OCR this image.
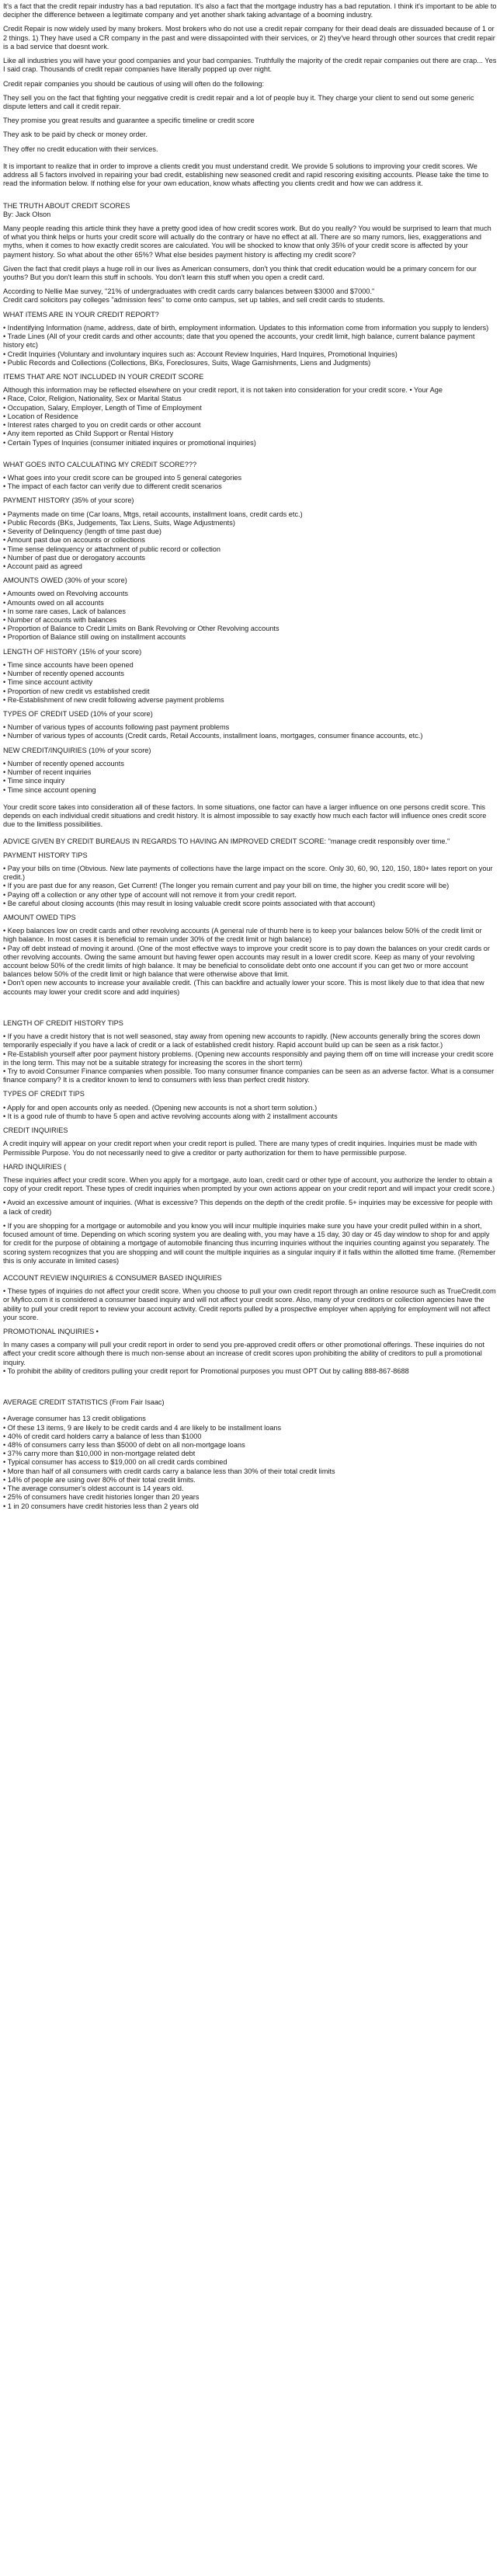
It's a fact that the credit repair industry has a bad reputation. It's also a fact that the mortgage industry has a bad reputation. I think it's important to be able to decipher the difference between a legitimate company and yet another shark taking advantage of a booming industry.

Credit Repair is now widely used by many brokers. Most brokers who do not use a credit repair company for their dead deals are dissuaded because of 1 or 2 things. 1) They have used a CR company in the past and were dissapointed with their services, or 2) they've heard through other sources that credit repair is a bad service that doesnt work.

Like all industries you will have your good companies and your bad companies. Truthfully the majority of the credit repair companies out there are crap... Yes I said crap. Thousands of credit repair companies have literally popped up over night.

Credit repair companies you should be cautious of using will often do the following:

They sell you on the fact that fighting your neggative credit is credit repair and a lot of people buy it. They charge your client to send out some generic dispute letters and call it credit repair.

They promise you great results and guarantee a specific timeline or credit score

They ask to be paid by check or money order.

They offer no credit education with their services.

It is important to realize that in order to improve a clients credit you must understand credit. We provide 5 solutions to improving your credit scores. We address all 5 factors involved in repairing your bad credit, establishing new seasoned credit and rapid rescoring exisiting accounts. Please take the time to read the information below. If nothing else for your own education, know whats affecting you clients credit and how we can address it.

THE TRUTH ABOUT CREDIT SCORES
By: Jack Olson

Many people reading this article think they have a pretty good idea of how credit scores work. But do you really? You would be surprised to learn that much of what you think helps or hurts your credit score will actually do the contrary or have no effect at all. There are so many rumors, lies, exaggerations and myths, when it comes to how exactly credit scores are calculated. You will be shocked to know that only 35% of your credit score is affected by your payment history. So what about the other 65%? What else besides payment history is affecting my credit score?

Given the fact that credit plays a huge roll in our lives as American consumers, don't you think that credit education would be a primary concern for our youths? But you don't learn this stuff in schools. You don't learn this stuff when you open a credit card.

According to Nellie Mae survey, "21% of undergraduates with credit cards carry balances between $3000 and $7000."
Credit card solicitors pay colleges "admission fees" to come onto campus, set up tables, and sell credit cards to students.

WHAT ITEMS ARE IN YOUR CREDIT REPORT?

• Indentifying Information (name, address, date of birth, employment information. Updates to this information come from information you supply to lenders)
• Trade Lines (All of your credit cards and other accounts; date that you opened the accounts, your credit limit, high balance, current balance payment history etc)
• Credit Inquiries (Voluntary and involuntary inquires such as: Account Review Inquiries, Hard Inquires, Promotional Inquiries)
• Public Records and Collections (Collections, BKs, Foreclosures, Suits, Wage Garnishments, Liens and Judgments)

ITEMS THAT ARE NOT INCLUDED IN YOUR CREDIT SCORE

Although this information may be reflected elsewhere on your credit report, it is not taken into consideration for your credit score. • Your Age
• Race, Color, Religion, Nationality, Sex or Marital Status
• Occupation, Salary, Employer, Length of Time of Employment
• Location of Residence
• Interest rates charged to you on credit cards or other account
• Any item reported as Child Support or Rental History
• Certain Types of Inquiries (consumer initiated inquires or promotional inquiries)

WHAT GOES INTO CALCULATING MY CREDIT SCORE???

• What goes into your credit score can be grouped into 5 general categories
• The impact of each factor can verify due to different credit scenarios

PAYMENT HISTORY (35% of your score)

• Payments made on time (Car loans, Mtgs, retail accounts, installment loans, credit cards etc.)
• Public Records (BKs, Judgements, Tax Liens, Suits, Wage Adjustments)
• Severity of Delinquency (length of time past due)
• Amount past due on accounts or collections
• Time sense delinquency or attachment of public record or collection
• Number of past due or derogatory accounts
• Account paid as agreed

AMOUNTS OWED (30% of your score)

• Amounts owed on Revolving accounts
• Amounts owed on all accounts
• In some rare cases, Lack of balances
• Number of accounts with balances
• Proportion of Balance to Credit Limits on Bank Revolving or Other Revolving accounts
• Proportion of Balance still owing on installment accounts

LENGTH OF HISTORY (15% of your score)

• Time since accounts have been opened
• Number of recently opened accounts
• Time since account activity
• Proportion of new credit vs established credit
• Re-Establishment of new credit following adverse payment problems

TYPES OF CREDIT USED (10% of your score)

• Number of various types of accounts following past payment problems
• Number of various types of accounts (Credit cards, Retail Accounts, installment loans, mortgages, consumer finance accounts, etc.)

NEW CREDIT/INQUIRIES (10% of your score)

• Number of recently opened accounts
• Number of recent inquiries
• Time since inquiry
• Time since account opening

Your credit score takes into consideration all of these factors. In some situations, one factor can have a larger influence on one persons credit score. This depends on each individual credit situations and credit history. It is almost impossible to say exactly how much each factor will influence ones credit score due to the limitless possibilities.

ADVICE GIVEN BY CREDIT BUREAUS IN REGARDS TO HAVING AN IMPROVED CREDIT SCORE: "manage credit responsibly over time."

PAYMENT HISTORY TIPS

• Pay your bills on time (Obvious. New late payments of collections have the large impact on the score. Only 30, 60, 90, 120, 150, 180+ lates report on your credit.)
• If you are past due for any reason, Get Current! (The longer you remain current and pay your bill on time, the higher you credit score will be)
• Paying off a collection or any other type of account will not remove it from your credit report.
• Be careful about closing accounts (this may result in losing valuable credit score points associated with that account)

AMOUNT OWED TIPS

• Keep balances low on credit cards and other revolving accounts (A general rule of thumb here is to keep your balances below 50% of the credit limit or high balance. In most cases it is beneficial to remain under 30% of the credit limit or high balance)
• Pay off debt instead of moving it around. (One of the most effective ways to improve your credit score is to pay down the balances on your credit cards or other revolving accounts. Owing the same amount but having fewer open accounts may result in a lower credit score. Keep as many of your revolving account below 50% of the credit limits of high balance. It may be beneficial to consolidate debt onto one account if you can get two or more account balances below 50% of the credit limit or high balance that were otherwise above that limit.
• Don't open new accounts to increase your available credit. (This can backfire and actually lower your score. This is most likely due to that idea that new accounts may lower your credit score and add inquiries)

LENGTH OF CREDIT HISTORY TIPS

• If you have a credit history that is not well seasoned, stay away from opening new accounts to rapidly. (New accounts generally bring the scores down temporarily especially if you have a lack of credit or a lack of established credit history. Rapid account build up can be seen as a risk factor.)
• Re-Establish yourself after poor payment history problems. (Opening new accounts responsibly and paying them off on time will increase your credit score in the long term. This may not be a suitable strategy for increasing the scores in the short term)
• Try to avoid Consumer Finance companies when possible. Too many consumer finance companies can be seen as an adverse factor. What is a consumer finance company? It is a creditor known to lend to consumers with less than perfect credit history.

TYPES OF CREDIT TIPS

• Apply for and open accounts only as needed. (Opening new accounts is not a short term solution.)
• It is a good rule of thumb to have 5 open and active revolving accounts along with 2 installment accounts

CREDIT INQUIRIES

A credit inquiry will appear on your credit report when your credit report is pulled. There are many types of credit inquiries. Inquiries must be made with Permissible Purpose. You do not necessarily need to give a creditor or party authorization for them to have permissible purpose.

HARD INQUIRIES (

These inquiries affect your credit score. When you apply for a mortgage, auto loan, credit card or other type of account, you authorize the lender to obtain a copy of your credit report. These types of credit inquiries when prompted by your own actions appear on your credit report and will impact your credit score.)

• Avoid an excessive amount of inquiries. (What is excessive? This depends on the depth of the credit profile. 5+ inquiries may be excessive for people with a lack of credit)

• If you are shopping for a mortgage or automobile and you know you will incur multiple inquiries make sure you have your credit pulled within in a short, focused amount of time. Depending on which scoring system you are dealing with, you may have a 15 day, 30 day or 45 day window to shop for and apply for credit for the purpose of obtaining a mortgage of automobile financing thus incurring inquiries without the inquiries counting against you separately. The scoring system recognizes that you are shopping and will count the multiple inquiries as a singular inquiry if it falls within the allotted time frame. (Remember this is only accurate in limited cases)

ACCOUNT REVIEW INQUIRIES & CONSUMER BASED INQUIRIES

• These types of inquiries do not affect your credit score. When you choose to pull your own credit report through an online resource such as TrueCredit.com or Myfico.com it is considered a consumer based inquiry and will not affect your credit score. Also, many of your creditors or collection agencies have the ability to pull your credit report to review your account activity. Credit reports pulled by a prospective employer when applying for employment will not affect your score.

PROMOTIONAL INQUIRIES •

In many cases a company will pull your credit report in order to send you pre-approved credit offers or other promotional offerings. These inquiries do not affect your credit score although there is much non-sense about an increase of credit scores upon prohibiting the ability of creditors to pull a promotional inquiry.
• To prohibit the ability of creditors pulling your credit report for Promotional purposes you must OPT Out by calling 888-867-8688

AVERAGE CREDIT STATISTICS (From Fair Isaac)

• Average consumer has 13 credit obligations
• Of these 13 items, 9 are likely to be credit cards and 4 are likely to be installment loans
• 40% of credit card holders carry a balance of less than $1000
• 48% of consumers carry less than $5000 of debt on all non-mortgage loans
• 37% carry more than $10,000 in non-mortgage related debt
• Typical consumer has access to $19,000 on all credit cards combined
• More than half of all consumers with credit cards carry a balance less than 30% of their total credit limits
• 14% of people are using over 80% of their total credit limits.
• The average consumer's oldest account is 14 years old.
• 25% of consumers have credit histories longer than 20 years
• 1 in 20 consumers have credit histories less than 2 years old
